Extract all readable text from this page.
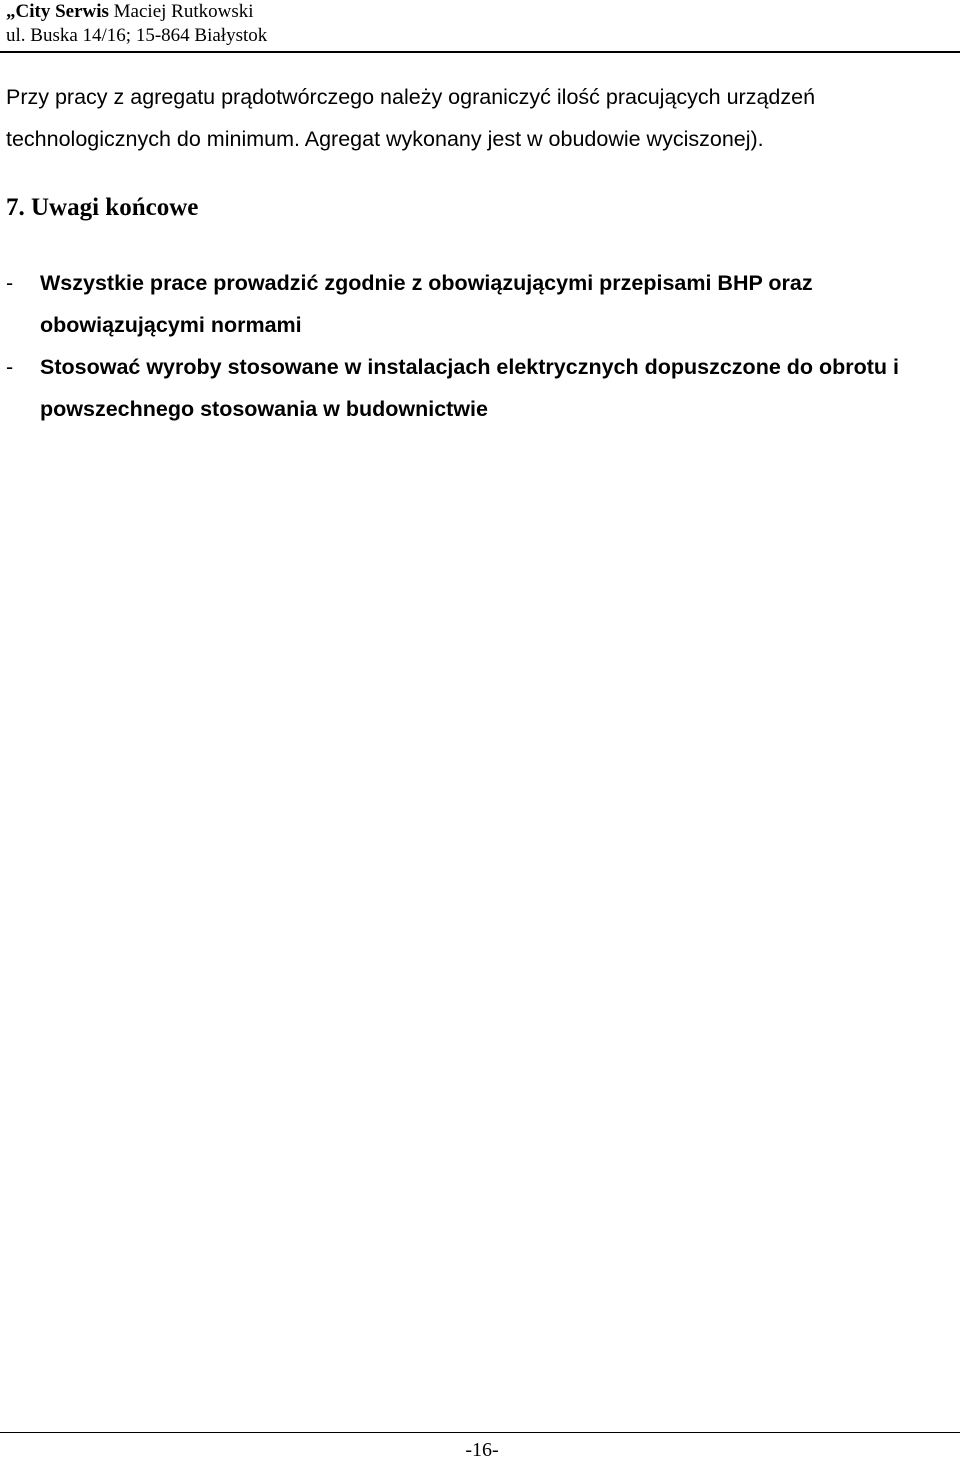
„City Serwis Maciej Rutkowski
ul. Buska 14/16; 15-864 Białystok

Przy pracy z agregatu prądotwórczego należy ograniczyć ilość pracujących urządzeń technologicznych do minimum. Agregat wykonany jest w obudowie wyciszonej).

7. Uwagi końcowe
-	Wszystkie prace prowadzić zgodnie z obowiązującymi przepisami BHP oraz obowiązującymi normami
-	Stosować wyroby stosowane w instalacjach elektrycznych dopuszczone do obrotu i powszechnego stosowania w budownictwie
-16-
